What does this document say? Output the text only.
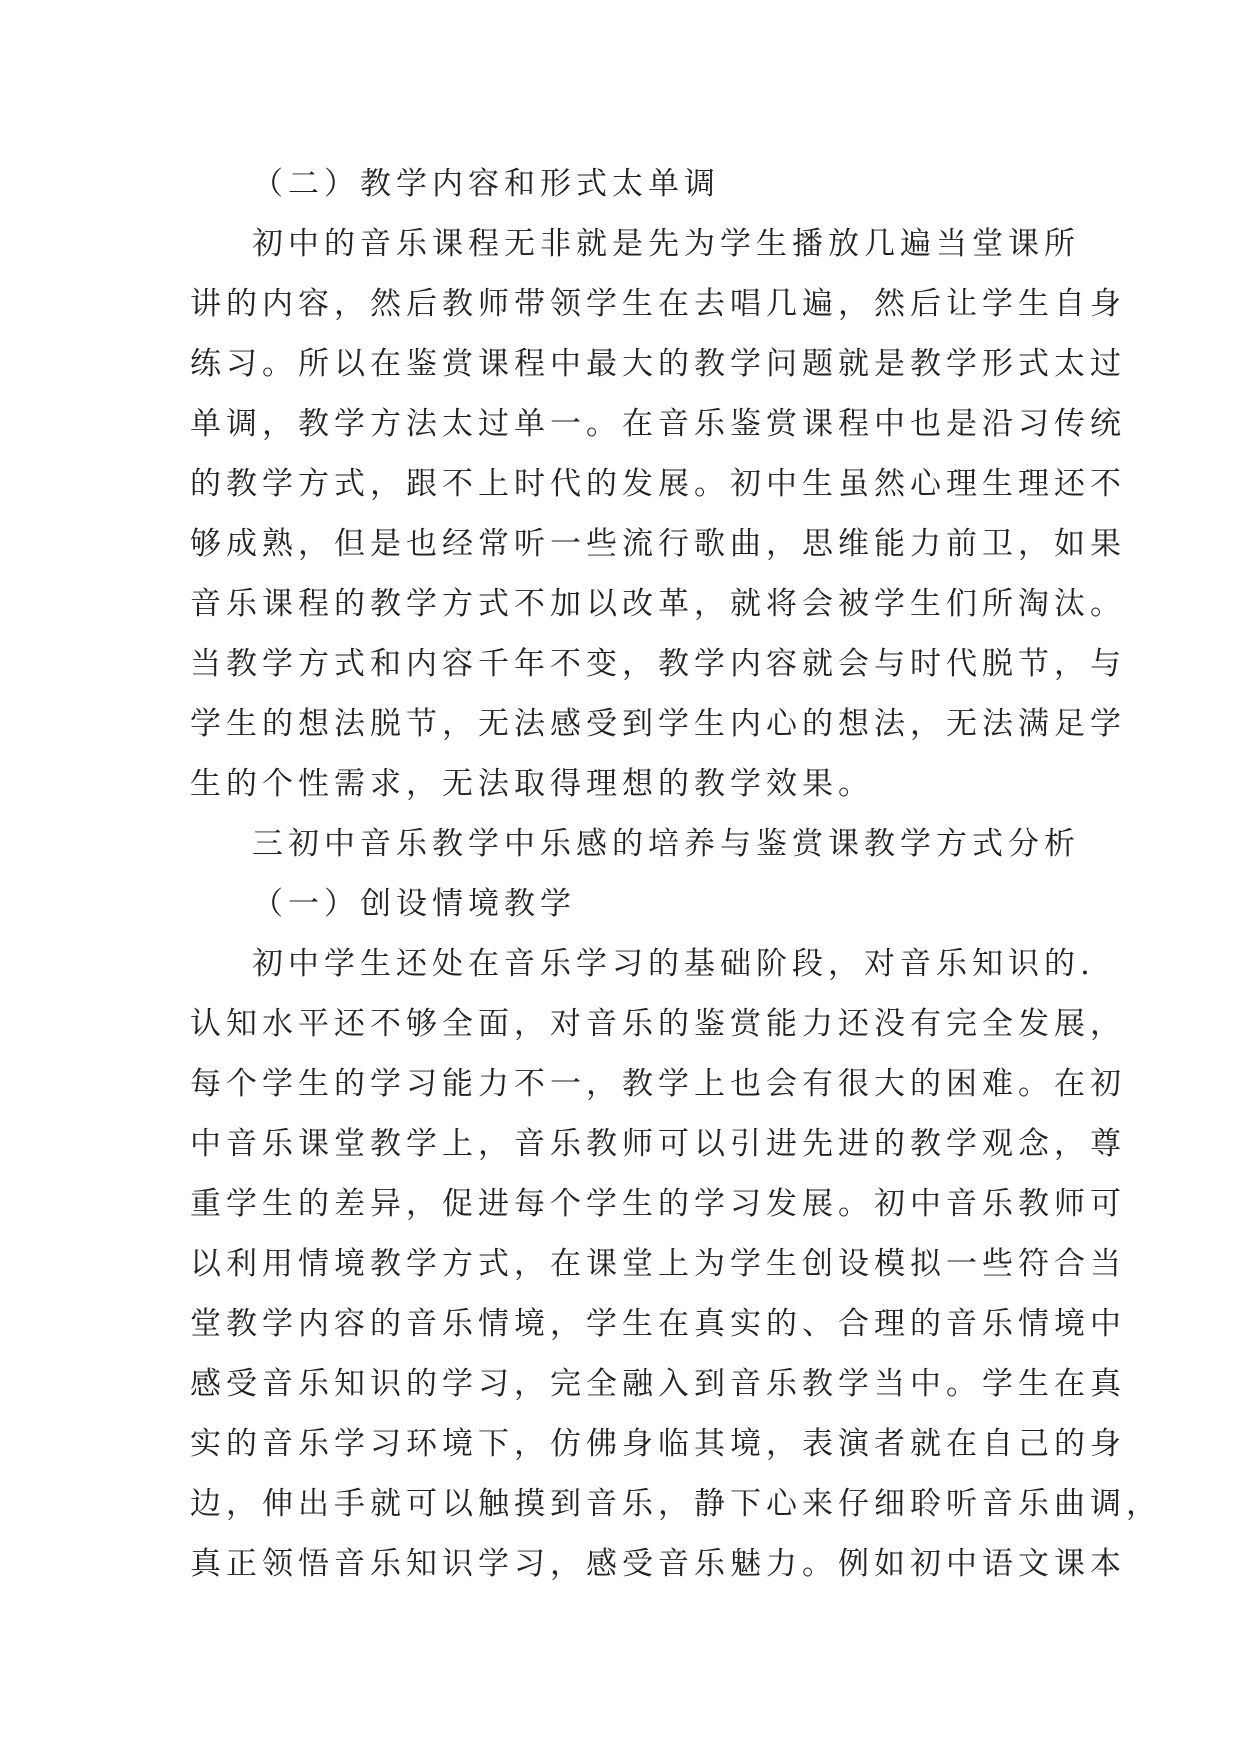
（二）教学内容和形式太单调
初中的音乐课程无非就是先为学生播放几遍当堂课所
讲的内容，然后教师带领学生在去唱几遍，然后让学生自身
练习。所以在鉴赏课程中最大的教学问题就是教学形式太过
单调，教学方法太过单一。在音乐鉴赏课程中也是沿习传统
的教学方式，跟不上时代的发展。初中生虽然心理生理还不
够成熟，但是也经常听一些流行歌曲，思维能力前卫，如果
音乐课程的教学方式不加以改革，就将会被学生们所淘汰。
当教学方式和内容千年不变，教学内容就会与时代脱节，与
学生的想法脱节，无法感受到学生内心的想法，无法满足学
生的个性需求，无法取得理想的教学效果。
三初中音乐教学中乐感的培养与鉴赏课教学方式分析
（一）创设情境教学
初中学生还处在音乐学习的基础阶段，对音乐知识的.
认知水平还不够全面，对音乐的鉴赏能力还没有完全发展，
每个学生的学习能力不一，教学上也会有很大的困难。在初
中音乐课堂教学上，音乐教师可以引进先进的教学观念，尊
重学生的差异，促进每个学生的学习发展。初中音乐教师可
以利用情境教学方式，在课堂上为学生创设模拟一些符合当
堂教学内容的音乐情境，学生在真实的、合理的音乐情境中
感受音乐知识的学习，完全融入到音乐教学当中。学生在真
实的音乐学习环境下，仿佛身临其境，表演者就在自己的身
边，伸出手就可以触摸到音乐，静下心来仔细聆听音乐曲调，
真正领悟音乐知识学习，感受音乐魅力。例如初中语文课本
